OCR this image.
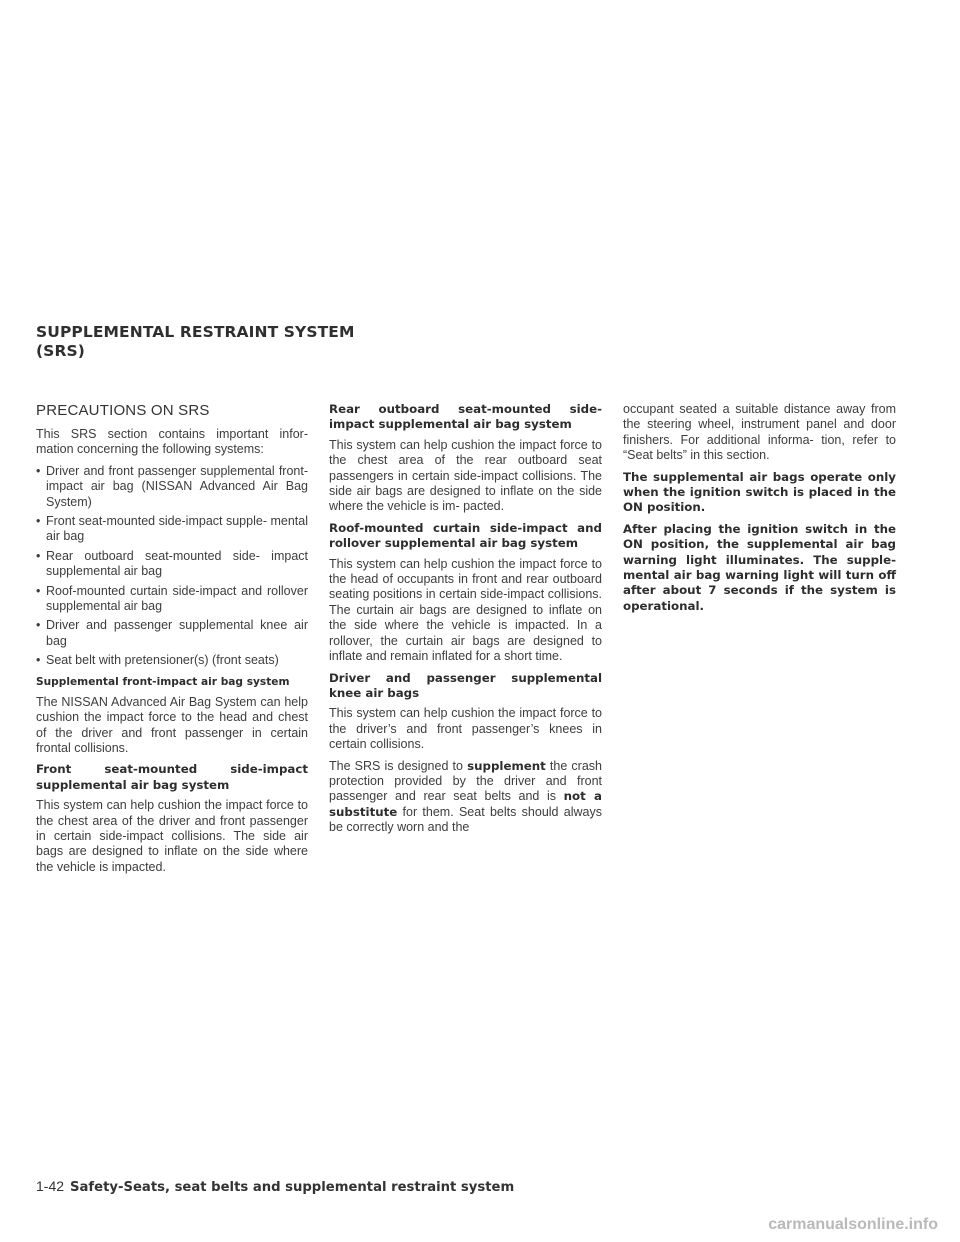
SUPPLEMENTAL RESTRAINT SYSTEM
(SRS)
PRECAUTIONS ON SRS

This SRS section contains important infor- mation concerning the following systems:

• Driver and front passenger supplemental front-impact air bag (NISSAN Advanced Air Bag System)
• Front seat-mounted side-impact supple- mental air bag
• Rear outboard seat-mounted side- impact supplemental air bag
• Roof-mounted curtain side-impact and rollover supplemental air bag
• Driver and passenger supplemental knee air bag
• Seat belt with pretensioner(s) (front seats)

Supplemental front-impact air bag system

The NISSAN Advanced Air Bag System can help cushion the impact force to the head and chest of the driver and front passenger in certain frontal collisions.

Front seat-mounted side-impact supplemental air bag system

This system can help cushion the impact force to the chest area of the driver and front passenger in certain side-impact collisions. The side air bags are designed to inflate on the side where the vehicle is impacted.

Rear outboard seat-mounted side- impact supplemental air bag system

This system can help cushion the impact force to the chest area of the rear outboard seat passengers in certain side-impact collisions. The side air bags are designed to inflate on the side where the vehicle is im- pacted.

Roof-mounted curtain side-impact and rollover supplemental air bag system

This system can help cushion the impact force to the head of occupants in front and rear outboard seating positions in certain side-impact collisions. The curtain air bags are designed to inflate on the side where the vehicle is impacted. In a rollover, the curtain air bags are designed to inflate and remain inflated for a short time.

Driver and passenger supplemental knee air bags

This system can help cushion the impact force to the driver’s and front passenger’s knees in certain collisions.

The SRS is designed to supplement the crash protection provided by the driver and front passenger and rear seat belts and is not a substitute for them. Seat belts should always be correctly worn and the

occupant seated a suitable distance away from the steering wheel, instrument panel and door finishers. For additional informa- tion, refer to “Seat belts” in this section.

The supplemental air bags operate only when the ignition switch is placed in the ON position.

After placing the ignition switch in the ON position, the supplemental air bag warning light illuminates. The supple- mental air bag warning light will turn off after about 7 seconds if the system is operational.

1-42 Safety-Seats, seat belts and supplemental restraint system
carmanualsonline.info
